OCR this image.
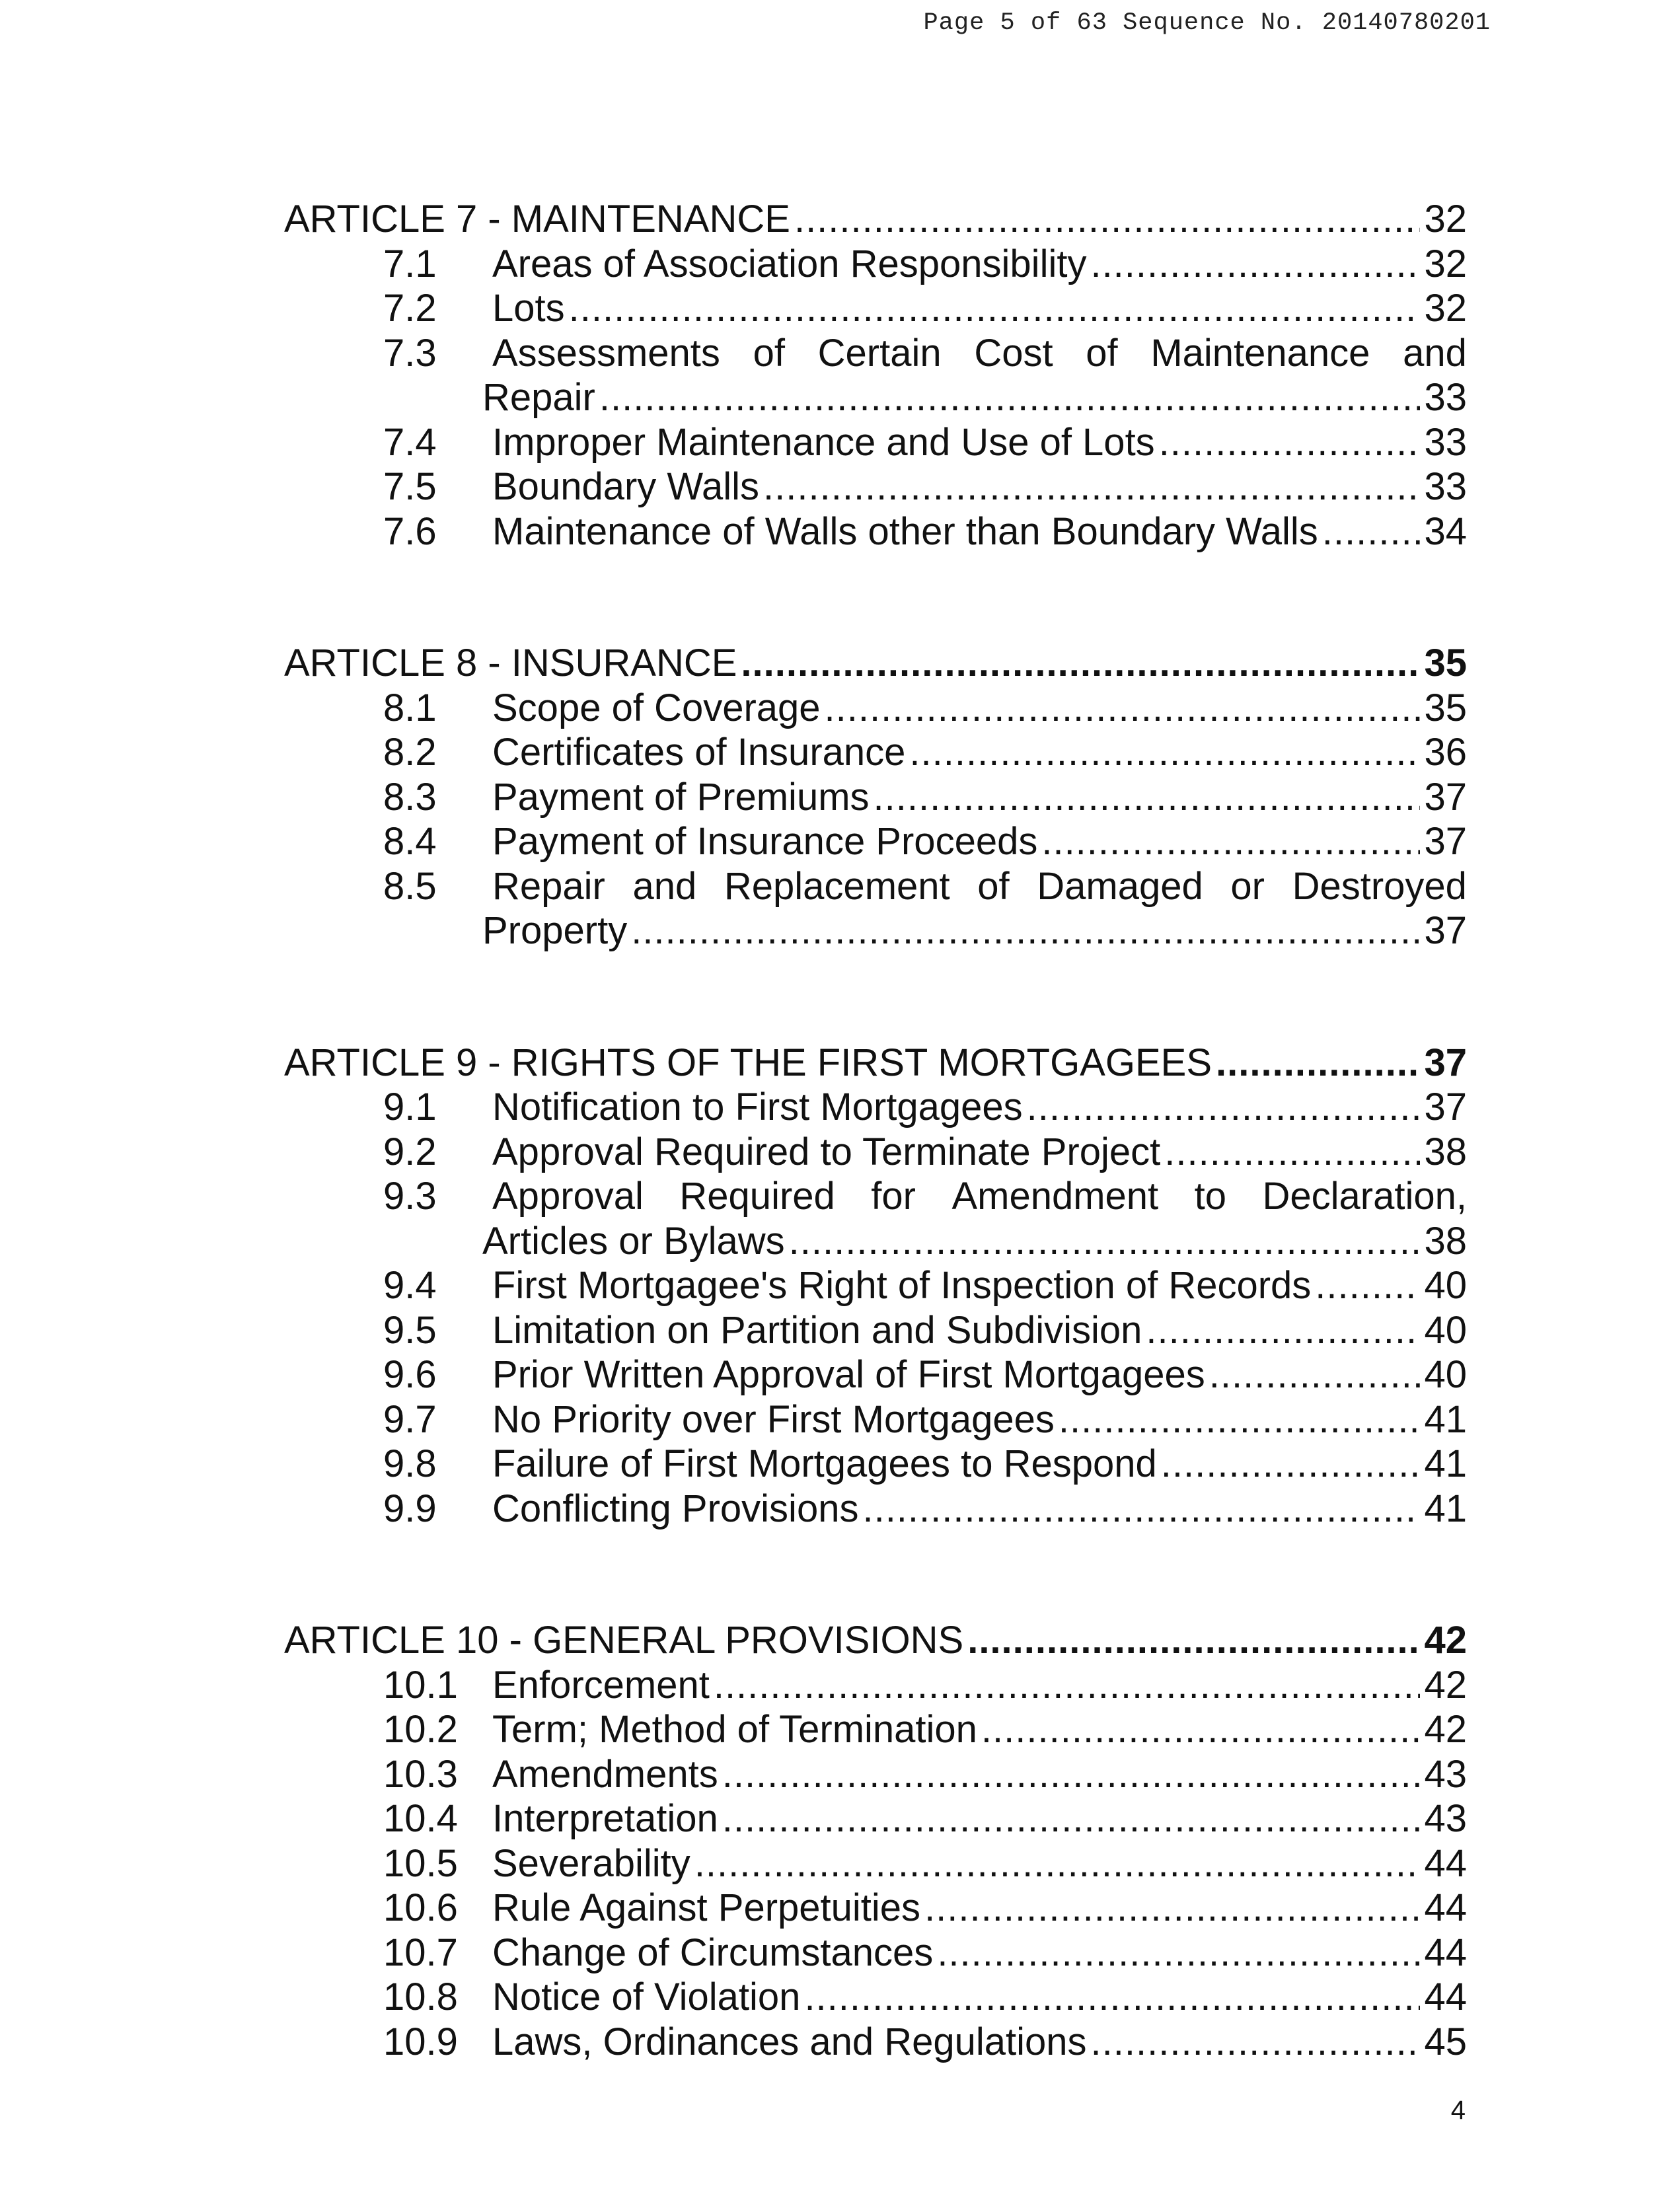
Page 5 of 63 Sequence No. 20140780201
ARTICLE 7 - MAINTENANCE .....	32
7.1 Areas of Association Responsibility .....	32
7.2 Lots .....	32
7.3 Assessments of Certain Cost of Maintenance and
Repair .....	33
7.4 Improper Maintenance and Use of Lots .....	33
7.5 Boundary Walls .....	33
7.6 Maintenance of Walls other than Boundary Walls .....	34
ARTICLE 8 - INSURANCE .....	35
8.1 Scope of Coverage .....	35
8.2 Certificates of Insurance .....	36
8.3 Payment of Premiums .....	37
8.4 Payment of Insurance Proceeds .....	37
8.5 Repair and Replacement of Damaged or Destroyed
Property .....	37
ARTICLE 9 - RIGHTS OF THE FIRST MORTGAGEES .....	37
9.1 Notification to First Mortgagees .....	37
9.2 Approval Required to Terminate Project .....	38
9.3 Approval Required for Amendment to Declaration,
Articles or Bylaws .....	38
9.4 First Mortgagee's Right of Inspection of Records .....	40
9.5 Limitation on Partition and Subdivision .....	40
9.6 Prior Written Approval of First Mortgagees .....	40
9.7 No Priority over First Mortgagees .....	41
9.8 Failure of First Mortgagees to Respond .....	41
9.9 Conflicting Provisions .....	41
ARTICLE 10 - GENERAL PROVISIONS .....	42
10.1 Enforcement .....	42
10.2 Term; Method of Termination .....	42
10.3 Amendments .....	43
10.4 Interpretation .....	43
10.5 Severability .....	44
10.6 Rule Against Perpetuities .....	44
10.7 Change of Circumstances .....	44
10.8 Notice of Violation .....	44
10.9 Laws, Ordinances and Regulations .....	45
4
